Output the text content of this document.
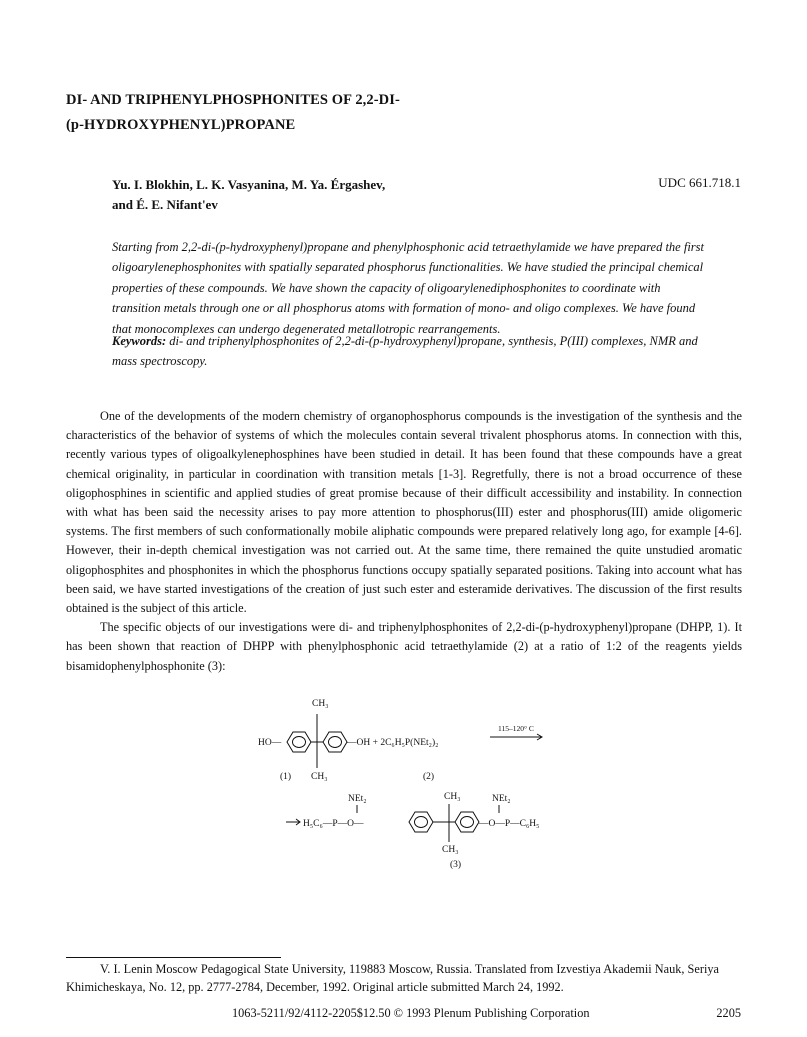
DI- AND TRIPHENYLPHOSPHONITES OF 2,2-DI-
(p-HYDROXYPHENYL)PROPANE
Yu. I. Blokhin, L. K. Vasyanina, M. Ya. Érgashev,
and É. E. Nifant'ev
UDC 661.718.1
Starting from 2,2-di-(p-hydroxyphenyl)propane and phenylphosphonic acid tetraethylamide we have prepared the first oligoarylenephosphonites with spatially separated phosphorus functionalities. We have studied the principal chemical properties of these compounds. We have shown the capacity of oligoarylenediphosphonites to coordinate with transition metals through one or all phosphorus atoms with formation of mono- and oligo complexes. We have found that monocomplexes can undergo degenerated metallotropic rearrangements.
Keywords: di- and triphenylphosphonites of 2,2-di-(p-hydroxyphenyl)propane, synthesis, P(III) complexes, NMR and mass spectroscopy.

One of the developments of the modern chemistry of organophosphorus compounds is the investigation of the synthesis and the characteristics of the behavior of systems of which the molecules contain several trivalent phosphorus atoms. In connection with this, recently various types of oligoalkylenephosphines have been studied in detail. It has been found that these compounds have a great chemical originality, in particular in coordination with transition metals [1-3]. Regretfully, there is not a broad occurrence of these oligophosphines in scientific and applied studies of great promise because of their difficult accessibility and instability. In connection with what has been said the necessity arises to pay more attention to phosphorus(III) ester and phosphorus(III) amide oligomeric systems. The first members of such conformationally mobile aliphatic compounds were prepared relatively long ago, for example [4-6]. However, their in-depth chemical investigation was not carried out. At the same time, there remained the quite unstudied aromatic oligophosphites and phosphonites in which the phosphorus functions occupy spatially separated positions. Taking into account what has been said, we have started investigations of the creation of just such ester and esteramide derivatives. The discussion of the first results obtained is the subject of this article.

The specific objects of our investigations were di- and triphenylphosphonites of 2,2-di-(p-hydroxyphenyl)propane (DHPP, 1). It has been shown that reaction of DHPP with phenylphosphonic acid tetraethylamide (2) at a ratio of 1:2 of the reagents yields bisamidophenylphosphonite (3):

CH₃
HO—	—OH + 2C₆H₅P(NEt₂)₂
115–120° C
(1) CH₃	(2)
CH₃
NEt₂	NEt₂
H₅C₆—P—O—	—O—P—C₆H₅
CH₃
(3)
V. I. Lenin Moscow Pedagogical State University, 119883 Moscow, Russia. Translated from Izvestiya Akademii Nauk, Seriya Khimicheskaya, No. 12, pp. 2777-2784, December, 1992. Original article submitted March 24, 1992.
1063-5211/92/4112-2205$12.50 © 1993 Plenum Publishing Corporation	2205
